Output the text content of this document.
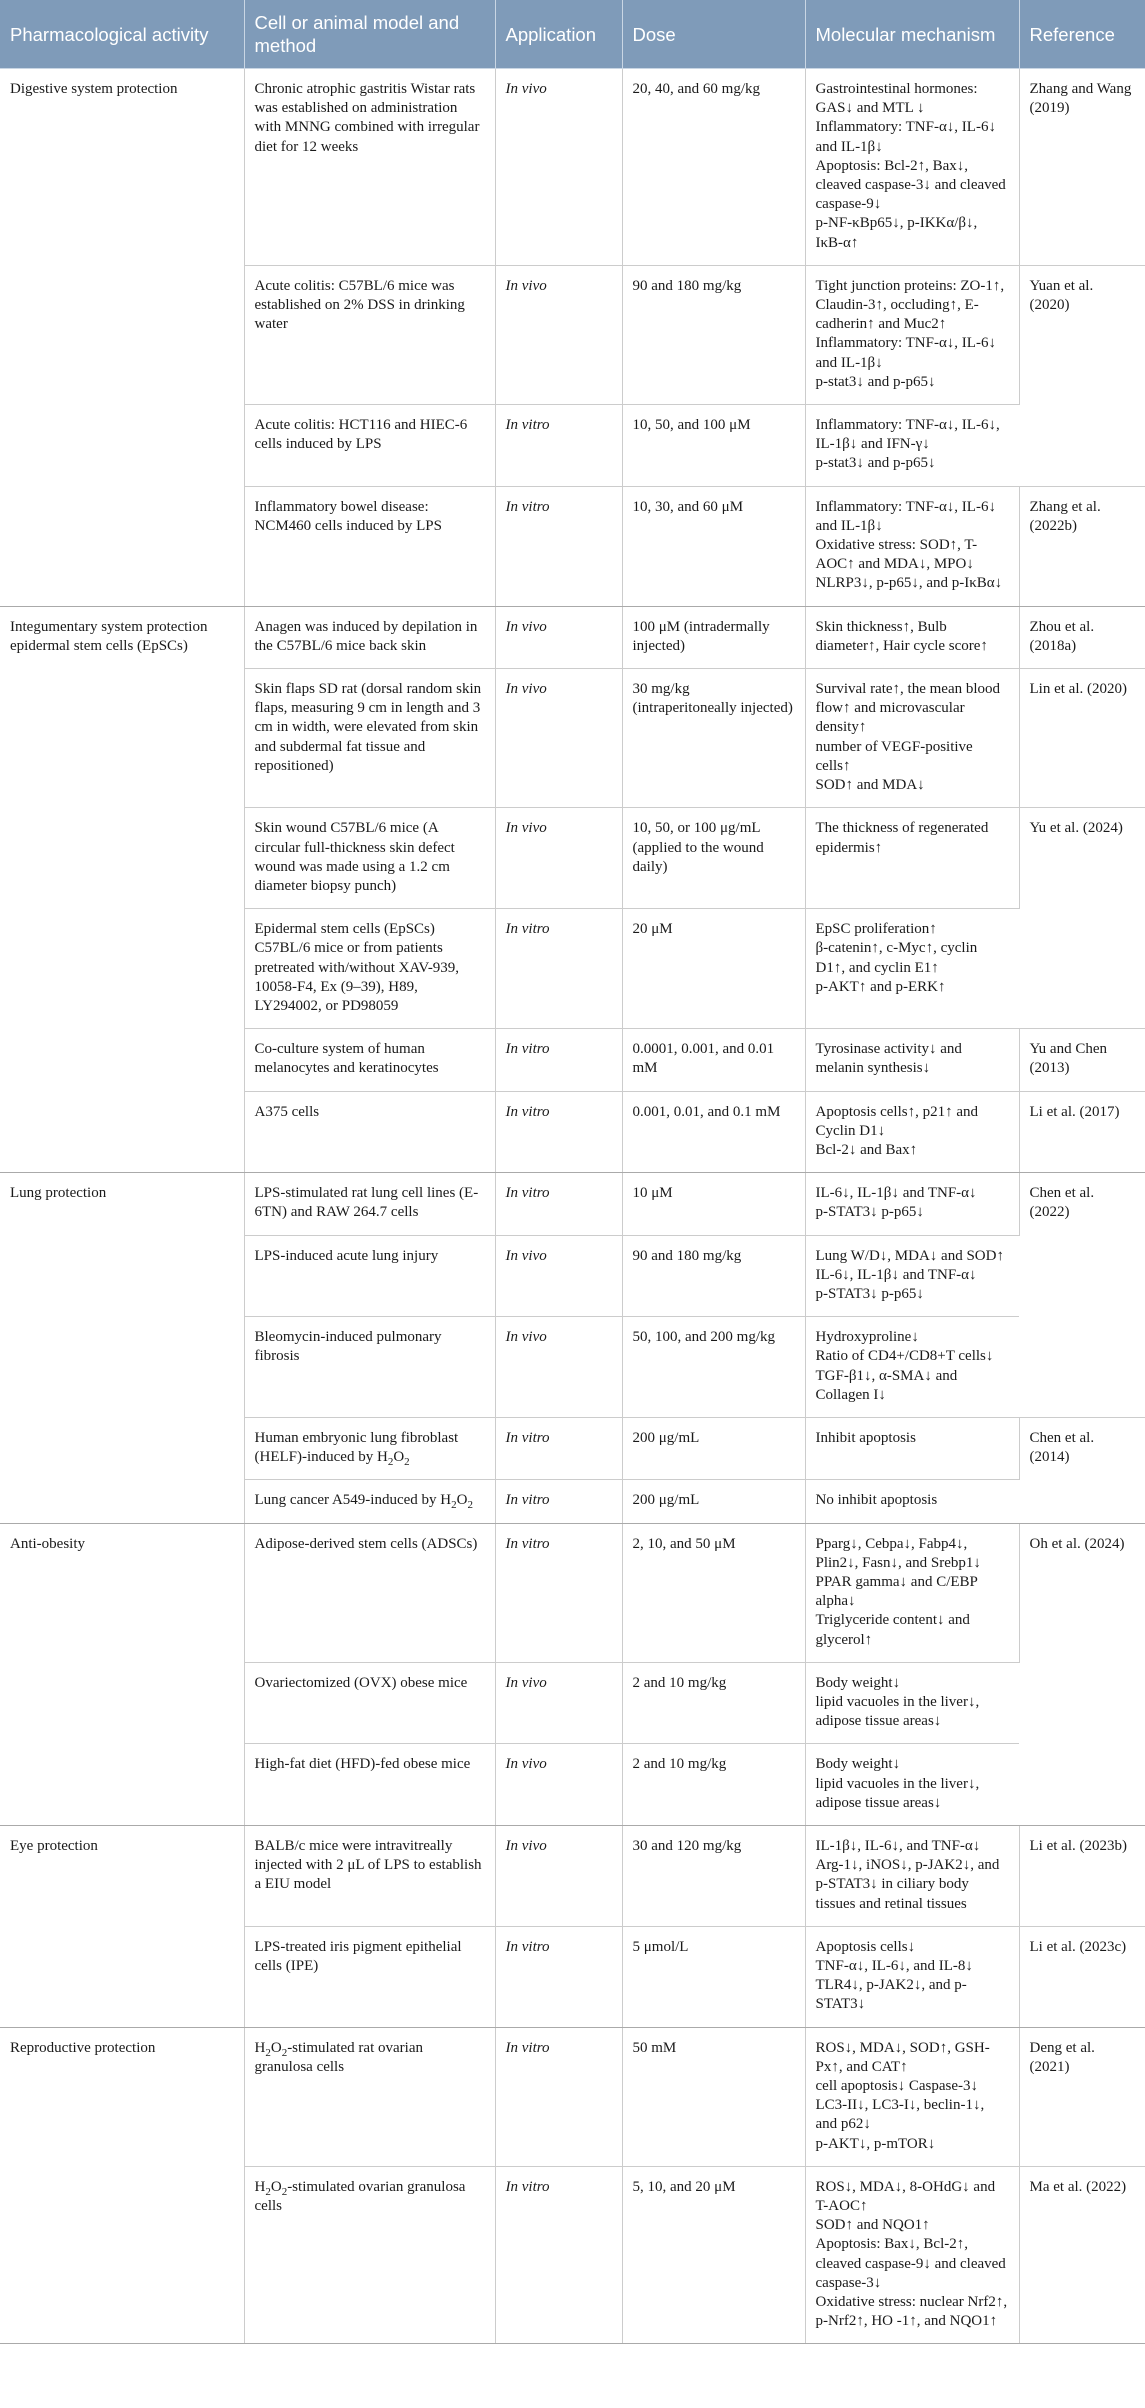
Pharmacological activity	Cell or animal model and method	Application	Dose	Molecular mechanism	Reference
Digestive system protection	Chronic atrophic gastritis Wistar rats was established on administration with MNNG combined with irregular diet for 12 weeks	In vivo	20, 40, and 60 mg/kg	Gastrointestinal hormones: GAS↓ and MTL ↓
Inflammatory: TNF-α↓, IL-6↓ and IL-1β↓
Apoptosis: Bcl-2↑, Bax↓, cleaved caspase-3↓ and cleaved caspase-9↓
p-NF-κBp65↓, p-IKKα/β↓, IκB-α↑	Zhang and Wang (2019)
	Acute colitis: C57BL/6 mice was established on 2% DSS in drinking water	In vivo	90 and 180 mg/kg	Tight junction proteins: ZO-1↑, Claudin-3↑, occluding↑, E-cadherin↑ and Muc2↑
Inflammatory: TNF-α↓, IL-6↓ and IL-1β↓
p-stat3↓ and p-p65↓	Yuan et al. (2020)
	Acute colitis: HCT116 and HIEC-6 cells induced by LPS	In vitro	10, 50, and 100 μM	Inflammatory: TNF-α↓, IL-6↓, IL-1β↓ and IFN-γ↓
p-stat3↓ and p-p65↓	

	Inflammatory bowel disease: NCM460 cells induced by LPS	In vitro	10, 30, and 60 μM	Inflammatory: TNF-α↓, IL-6↓ and IL-1β↓
Oxidative stress: SOD↑, T-AOC↑ and MDA↓, MPO↓
NLRP3↓, p-p65↓, and p-IκBα↓	Zhang et al. (2022b)
Integumentary system protection epidermal stem cells (EpSCs)	Anagen was induced by depilation in the C57BL/6 mice back skin	In vivo	100 μM (intradermally injected)	Skin thickness↑, Bulb diameter↑, Hair cycle score↑	Zhou et al. (2018a)
	Skin flaps SD rat (dorsal random skin flaps, measuring 9 cm in length and 3 cm in width, were elevated from skin and subdermal fat tissue and repositioned)	In vivo	30 mg/kg (intraperitoneally injected)	Survival rate↑, the mean blood flow↑ and microvascular density↑
number of VEGF-positive cells↑
SOD↑ and MDA↓	Lin et al. (2020)
	Skin wound C57BL/6 mice (A circular full-thickness skin defect wound was made using a 1.2 cm diameter biopsy punch)	In vivo	10, 50, or 100 μg/mL (applied to the wound daily)	The thickness of regenerated epidermis↑	Yu et al. (2024)
	Epidermal stem cells (EpSCs) C57BL/6 mice or from patients pretreated with/without XAV-939, 10058-F4, Ex (9–39), H89, LY294002, or PD98059	In vitro	20 μM	EpSC proliferation↑
β-catenin↑, c-Myc↑, cyclin D1↑, and cyclin E1↑
p-AKT↑ and p-ERK↑	

	Co-culture system of human melanocytes and keratinocytes	In vitro	0.0001, 0.001, and 0.01 mM	Tyrosinase activity↓ and melanin synthesis↓	Yu and Chen (2013)
	A375 cells	In vitro	0.001, 0.01, and 0.1 mM	Apoptosis cells↑, p21↑ and Cyclin D1↓
Bcl-2↓ and Bax↑	Li et al. (2017)
Lung protection	LPS-stimulated rat lung cell lines (E-6TN) and RAW 264.7 cells	In vitro	10 μM	IL-6↓, IL-1β↓ and TNF-α↓
p-STAT3↓ p-p65↓	Chen et al. (2022)
	LPS-induced acute lung injury	In vivo	90 and 180 mg/kg	Lung W/D↓, MDA↓ and SOD↑
IL-6↓, IL-1β↓ and TNF-α↓
p-STAT3↓ p-p65↓	

	Bleomycin-induced pulmonary fibrosis	In vivo	50, 100, and 200 mg/kg	Hydroxyproline↓
Ratio of CD4+/CD8+T cells↓
TGF-β1↓, α-SMA↓ and Collagen I↓	

	Human embryonic lung fibroblast (HELF)-induced by $H_2O_2$	In vitro	200 μg/mL	Inhibit apoptosis	Chen et al. (2014)
	Lung cancer A549-induced by $H_2O_2$	In vitro	200 μg/mL	No inhibit apoptosis	

Anti-obesity	Adipose-derived stem cells (ADSCs)	In vitro	2, 10, and 50 μM	Pparg↓, Cebpa↓, Fabp4↓, Plin2↓, Fasn↓, and Srebp1↓
PPAR gamma↓ and C/EBP alpha↓
Triglyceride content↓ and glycerol↑	Oh et al. (2024)
	Ovariectomized (OVX) obese mice	In vivo	2 and 10 mg/kg	Body weight↓
lipid vacuoles in the liver↓, adipose tissue areas↓	

	High-fat diet (HFD)-fed obese mice	In vivo	2 and 10 mg/kg	Body weight↓
lipid vacuoles in the liver↓, adipose tissue areas↓	

Eye protection	BALB/c mice were intravitreally injected with 2 μL of LPS to establish a EIU model	In vivo	30 and 120 mg/kg	IL-1β↓, IL-6↓, and TNF-α↓
Arg-1↓, iNOS↓, p-JAK2↓, and p-STAT3↓ in ciliary body tissues and retinal tissues	Li et al. (2023b)
	LPS-treated iris pigment epithelial cells (IPE)	In vitro	5 μmol/L	Apoptosis cells↓
TNF-α↓, IL-6↓, and IL-8↓
TLR4↓, p-JAK2↓, and p-STAT3↓	Li et al. (2023c)
Reproductive protection	$H_2O_2$-stimulated rat ovarian granulosa cells	In vitro	50 mM	ROS↓, MDA↓, SOD↑, GSH-Px↑, and CAT↑
cell apoptosis↓ Caspase-3↓ LC3-II↓, LC3-I↓, beclin-1↓, and p62↓
p-AKT↓, p-mTOR↓	Deng et al. (2021)
	$H_2O_2$-stimulated ovarian granulosa cells	In vitro	5, 10, and 20 μM	ROS↓, MDA↓, 8-OHdG↓ and T-AOC↑
SOD↑ and NQO1↑
Apoptosis: Bax↓, Bcl-2↑, cleaved caspase-9↓ and cleaved caspase-3↓
Oxidative stress: nuclear Nrf2↑, p-Nrf2↑, HO -1↑, and NQO1↑	Ma et al. (2022)
